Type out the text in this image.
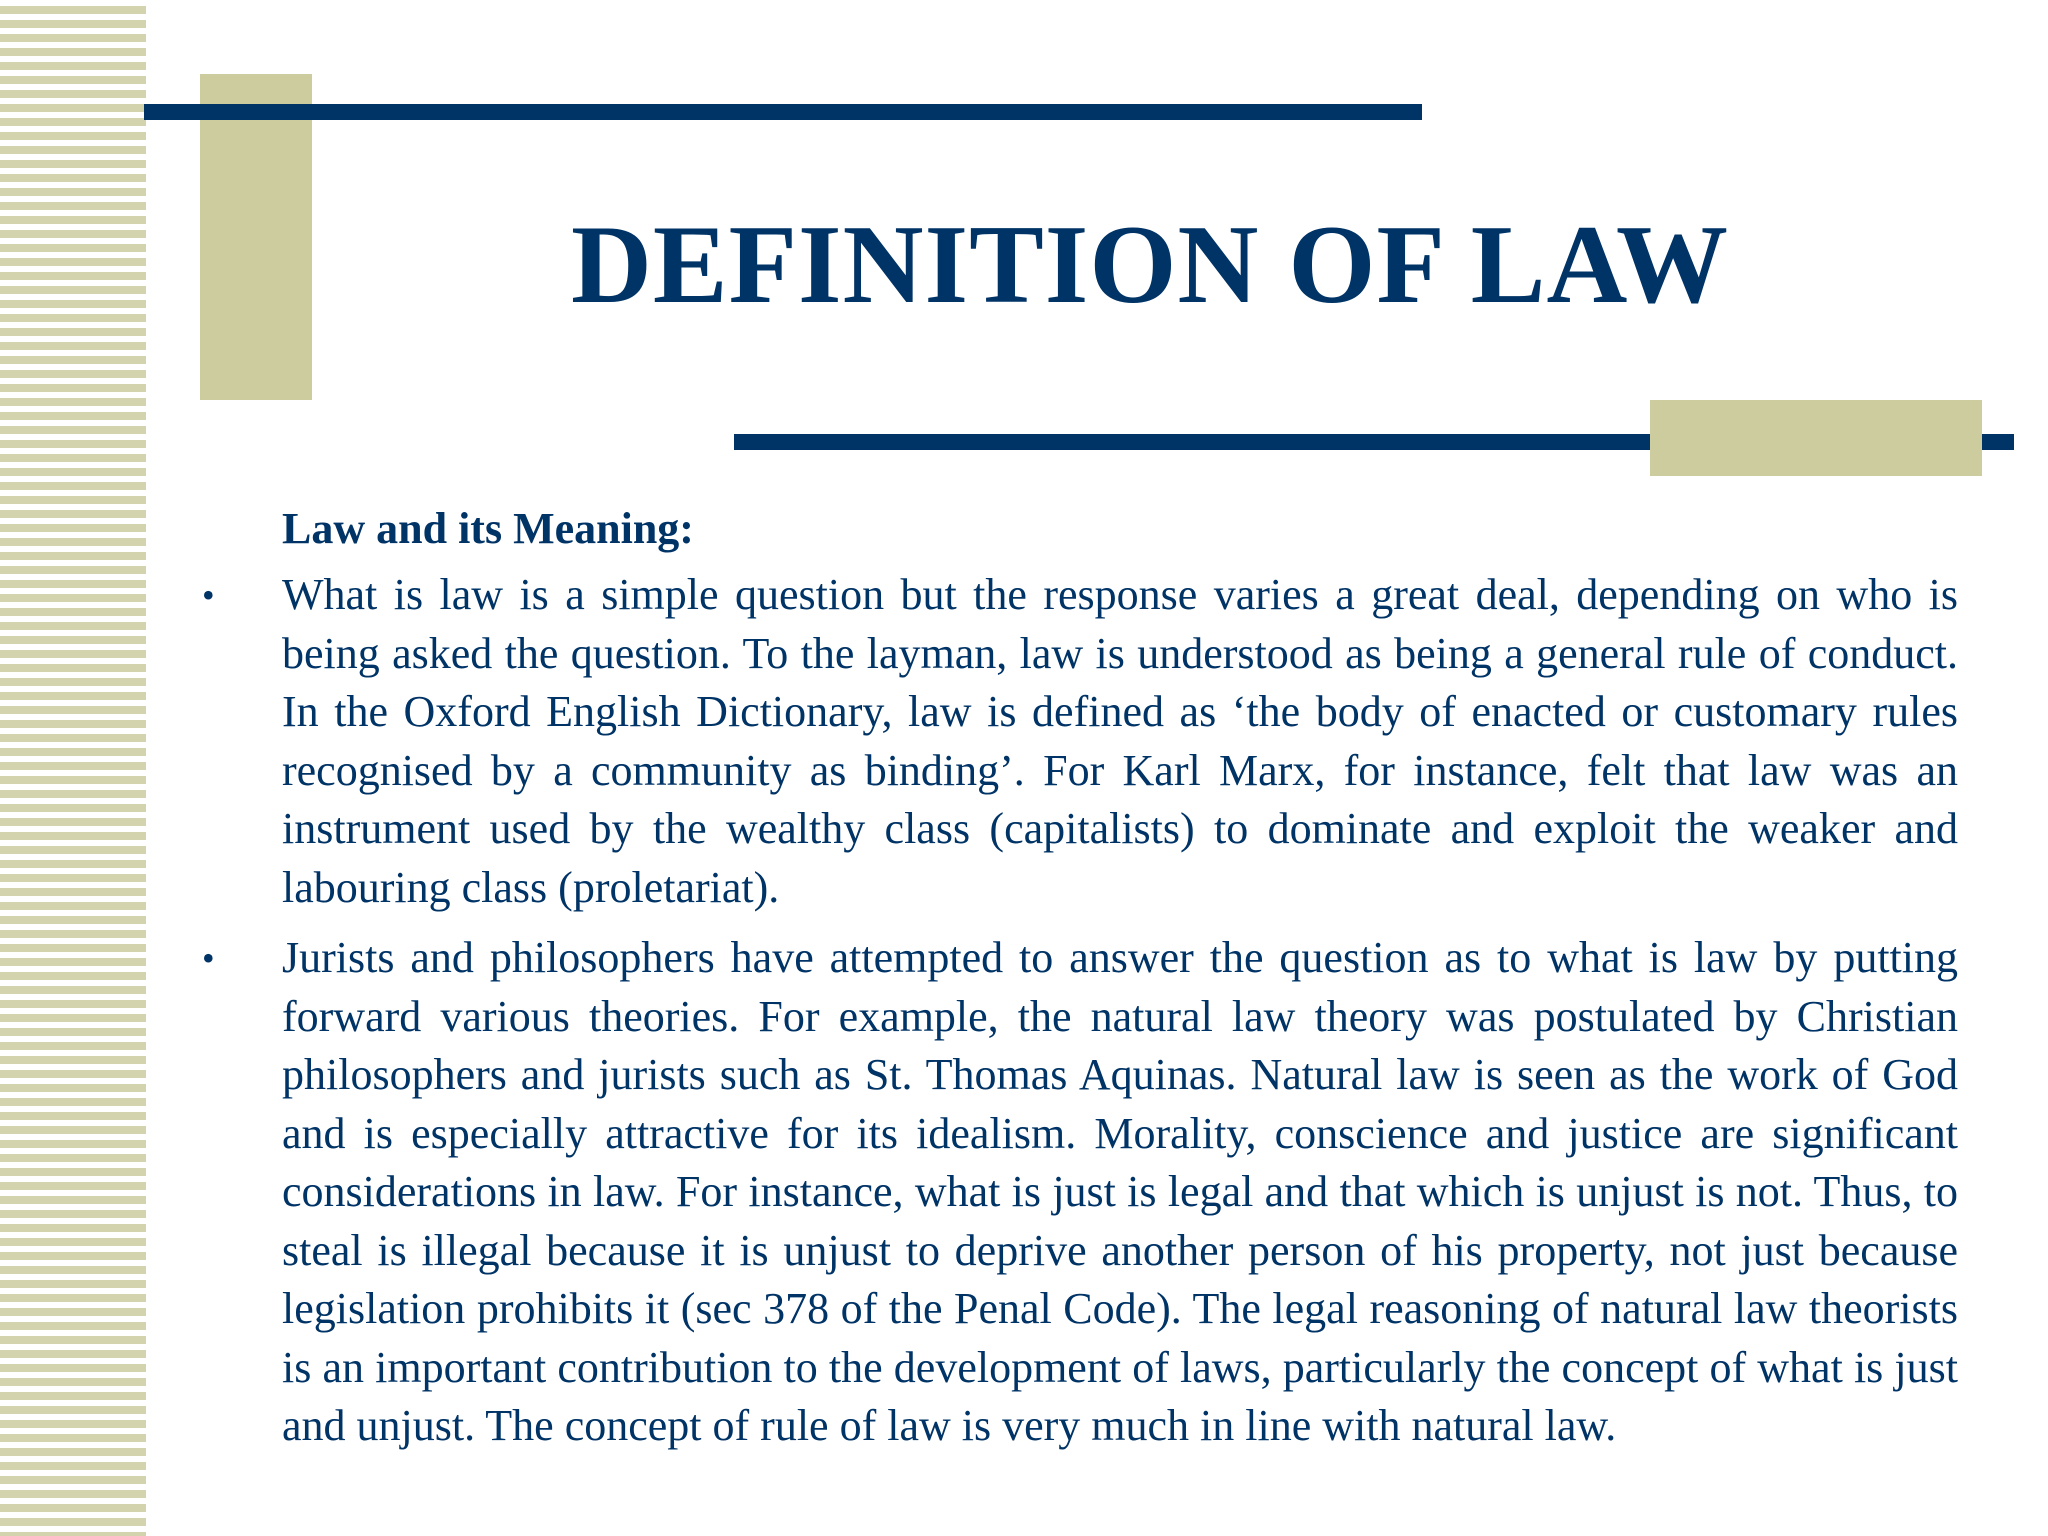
DEFINITION OF LAW

Law and its Meaning:

• What is law is a simple question but the response varies a great deal, depending on who is being asked the question. To the layman, law is understood as being a general rule of conduct. In the Oxford English Dictionary, law is defined as ‘the body of enacted or customary rules recognised by a community as binding’. For Karl Marx, for instance, felt that law was an instrument used by the wealthy class (capitalists) to dominate and exploit the weaker and labouring class (proletariat).
• Jurists and philosophers have attempted to answer the question as to what is law by putting forward various theories. For example, the natural law theory was postulated by Christian philosophers and jurists such as St. Thomas Aquinas. Natural law is seen as the work of God and is especially attractive for its idealism. Morality, conscience and justice are significant considerations in law. For instance, what is just is legal and that which is unjust is not. Thus, to steal is illegal because it is unjust to deprive another person of his property, not just because legislation prohibits it (sec 378 of the Penal Code). The legal reasoning of natural law theorists is an important contribution to the development of laws, particularly the concept of what is just and unjust. The concept of rule of law is very much in line with natural law.
